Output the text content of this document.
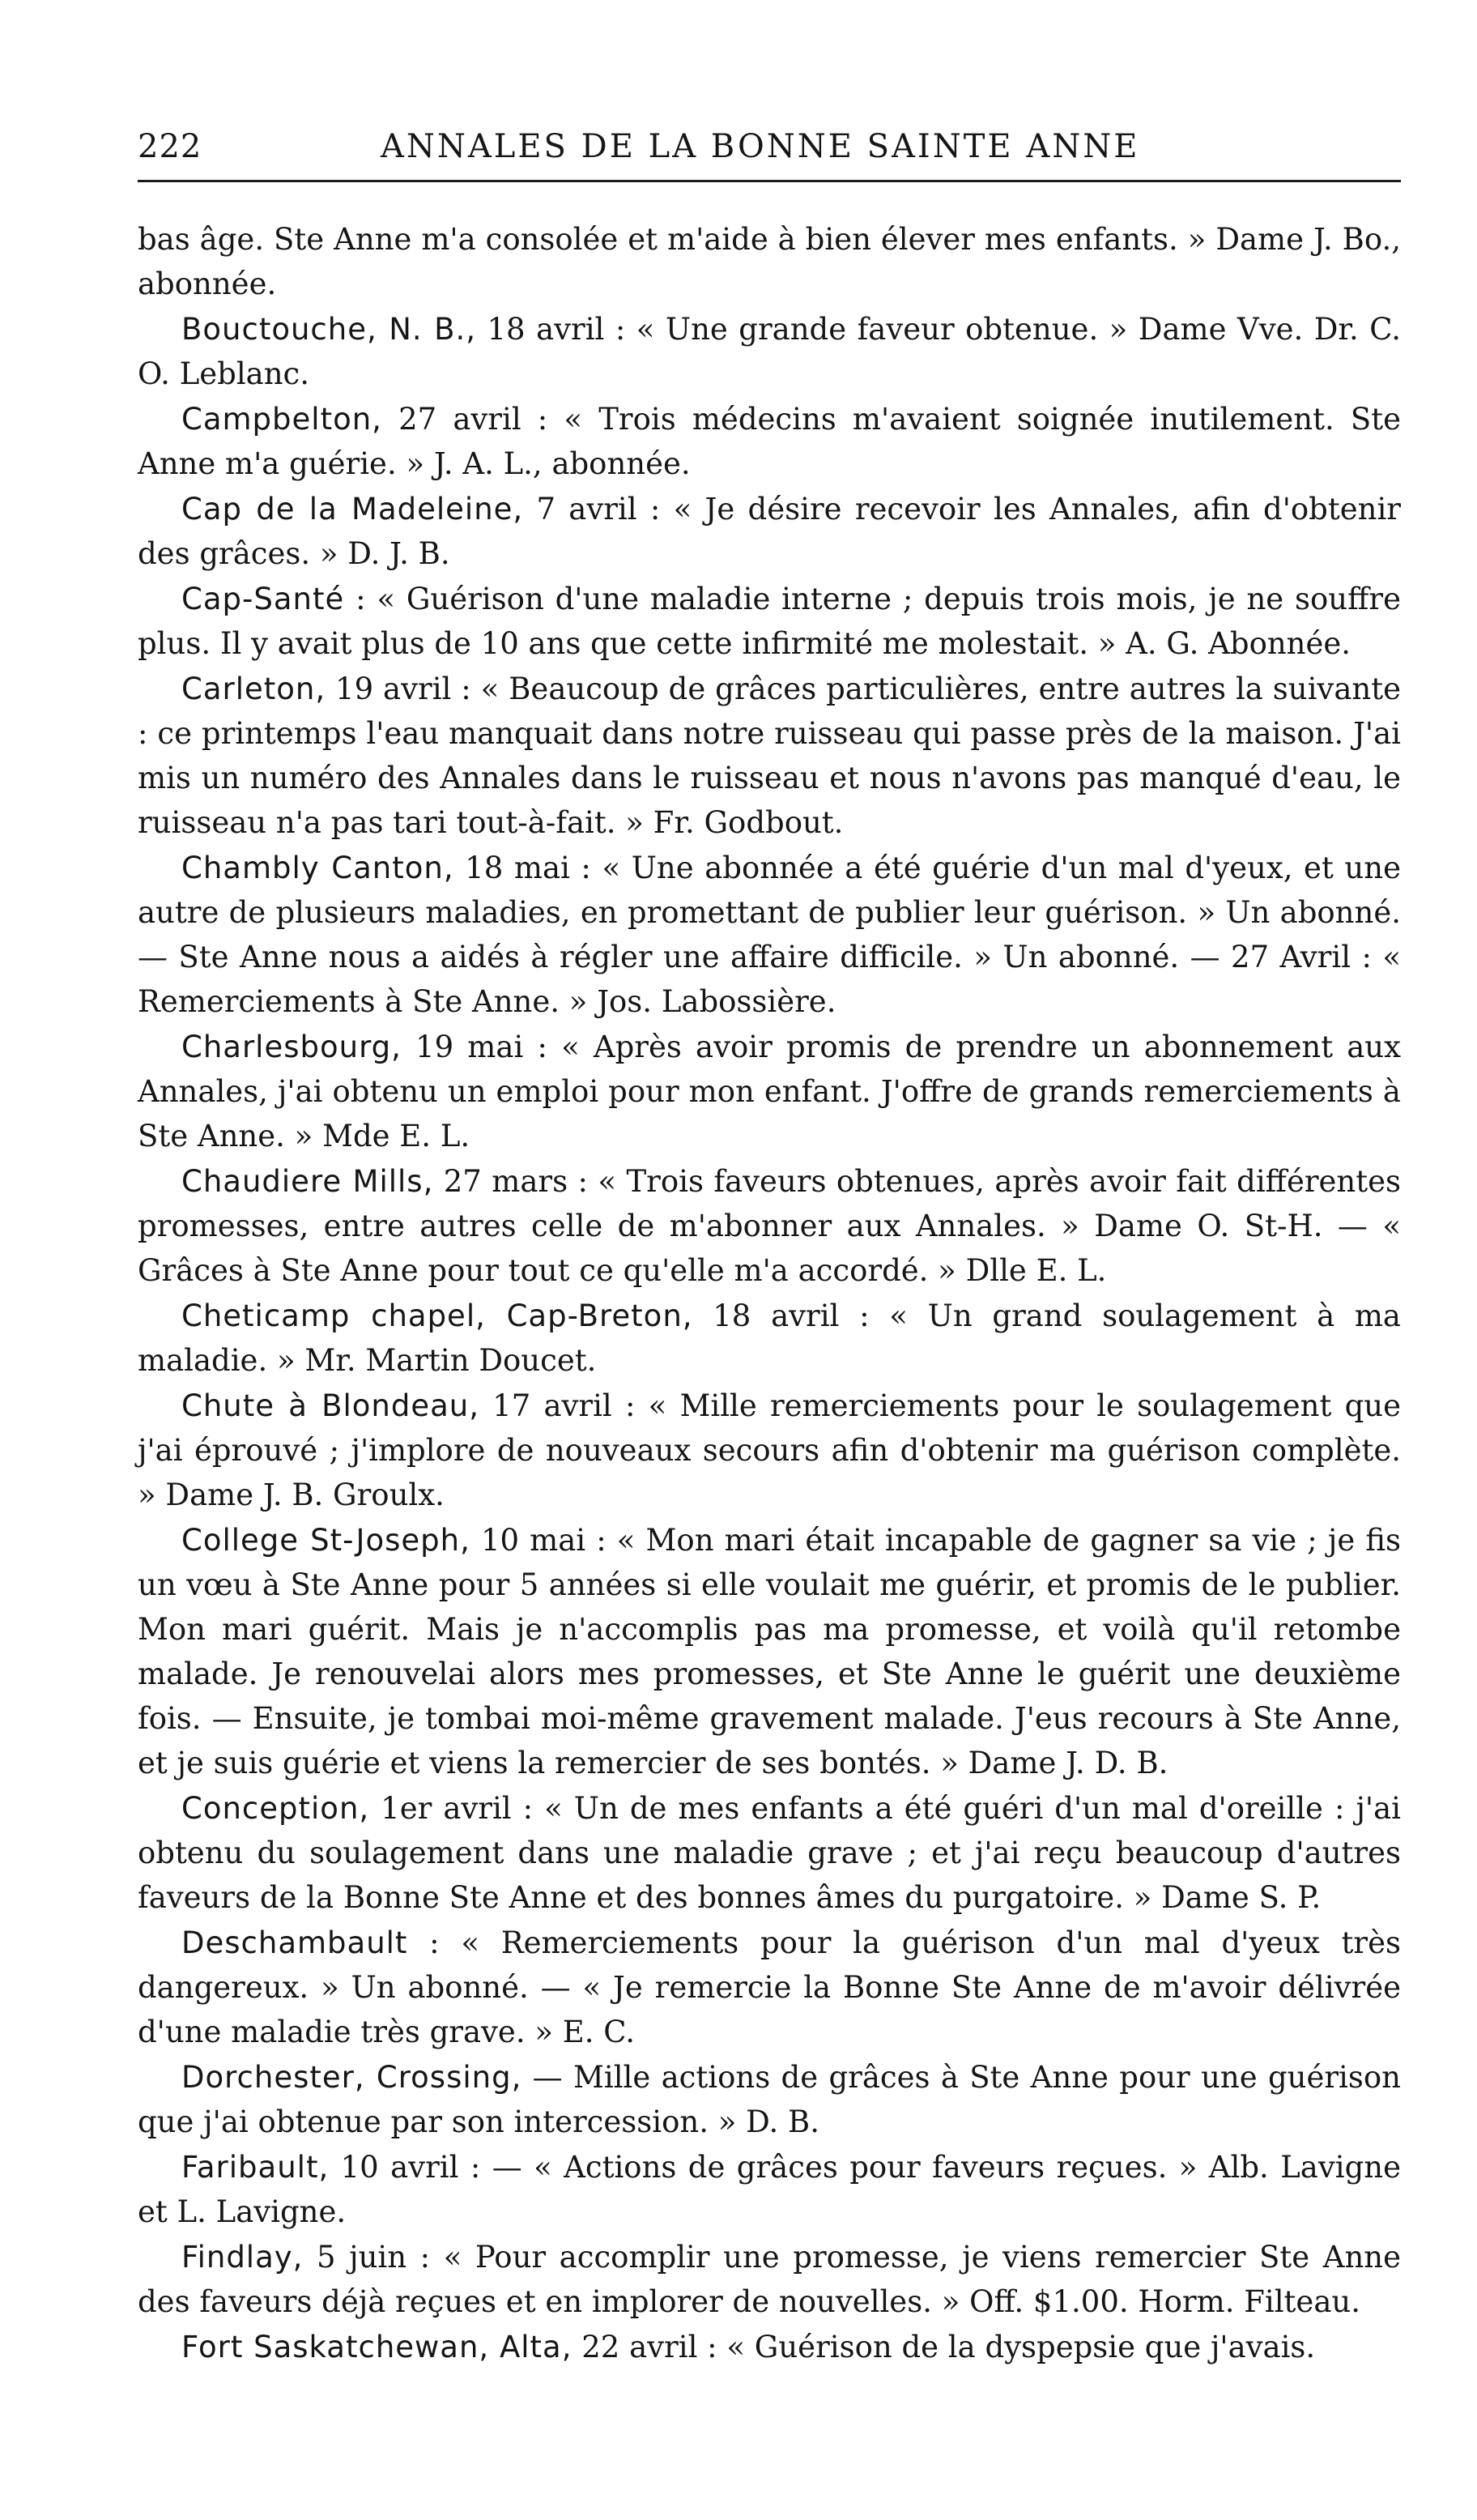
222	ANNALES DE LA BONNE SAINTE ANNE

bas âge. Ste Anne m'a consolée et m'aide à bien élever mes enfants. » Dame J. Bo., abonnée.

Bouctouche, N. B., 18 avril : « Une grande faveur obtenue. » Dame Vve. Dr. C. O. Leblanc.

Campbelton, 27 avril : « Trois médecins m'avaient soignée inutilement. Ste Anne m'a guérie. » J. A. L., abonnée.

Cap de la Madeleine, 7 avril : « Je désire recevoir les Annales, afin d'obtenir des grâces. » D. J. B.

Cap-Santé : « Guérison d'une maladie interne ; depuis trois mois, je ne souffre plus. Il y avait plus de 10 ans que cette infirmité me molestait. » A. G. Abonnée.

Carleton, 19 avril : « Beaucoup de grâces particulières, entre autres la suivante : ce printemps l'eau manquait dans notre ruisseau qui passe près de la maison. J'ai mis un numéro des Annales dans le ruisseau et nous n'avons pas manqué d'eau, le ruisseau n'a pas tari tout-à-fait. » Fr. Godbout.

Chambly Canton, 18 mai : « Une abonnée a été guérie d'un mal d'yeux, et une autre de plusieurs maladies, en promettant de publier leur guérison. » Un abonné. — Ste Anne nous a aidés à régler une affaire difficile. » Un abonné. — 27 Avril : « Remerciements à Ste Anne. » Jos. Labossière.

Charlesbourg, 19 mai : « Après avoir promis de prendre un abonnement aux Annales, j'ai obtenu un emploi pour mon enfant. J'offre de grands remerciements à Ste Anne. » Mde E. L.

Chaudiere Mills, 27 mars : « Trois faveurs obtenues, après avoir fait différentes promesses, entre autres celle de m'abonner aux Annales. » Dame O. St-H. — « Grâces à Ste Anne pour tout ce qu'elle m'a accordé. » Dlle E. L.

Cheticamp chapel, Cap-Breton, 18 avril : « Un grand soulagement à ma maladie. » Mr. Martin Doucet.

Chute à Blondeau, 17 avril : « Mille remerciements pour le soulagement que j'ai éprouvé ; j'implore de nouveaux secours afin d'obtenir ma guérison complète. » Dame J. B. Groulx.

College St-Joseph, 10 mai : « Mon mari était incapable de gagner sa vie ; je fis un vœu à Ste Anne pour 5 années si elle voulait me guérir, et promis de le publier. Mon mari guérit. Mais je n'accomplis pas ma promesse, et voilà qu'il retombe malade. Je renouvelai alors mes promesses, et Ste Anne le guérit une deuxième fois. — Ensuite, je tombai moi-même gravement malade. J'eus recours à Ste Anne, et je suis guérie et viens la remercier de ses bontés. » Dame J. D. B.

Conception, 1er avril : « Un de mes enfants a été guéri d'un mal d'oreille : j'ai obtenu du soulagement dans une maladie grave ; et j'ai reçu beaucoup d'autres faveurs de la Bonne Ste Anne et des bonnes âmes du purgatoire. » Dame S. P.

Deschambault : « Remerciements pour la guérison d'un mal d'yeux très dangereux. » Un abonné. — « Je remercie la Bonne Ste Anne de m'avoir délivrée d'une maladie très grave. » E. C.

Dorchester, Crossing, — Mille actions de grâces à Ste Anne pour une guérison que j'ai obtenue par son intercession. » D. B.

Faribault, 10 avril : — « Actions de grâces pour faveurs reçues. » Alb. Lavigne et L. Lavigne.

Findlay, 5 juin : « Pour accomplir une promesse, je viens remercier Ste Anne des faveurs déjà reçues et en implorer de nouvelles. » Off. $1.00. Horm. Filteau.

Fort Saskatchewan, Alta, 22 avril : « Guérison de la dyspepsie que j'avais.
